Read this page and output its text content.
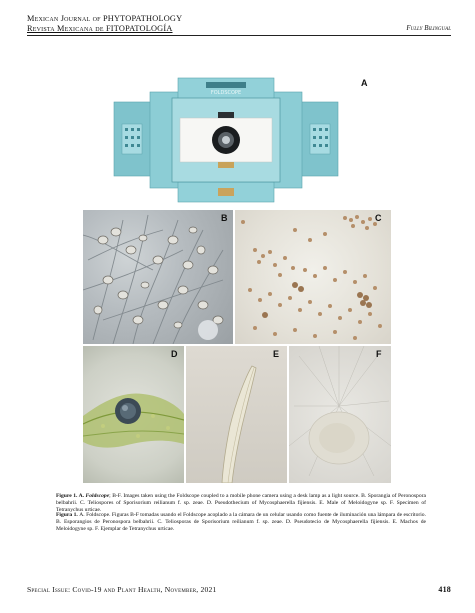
Mexican Journal of PHYTOPATHOLOGY
Revista Mexicana de FITOPATOLOGÍA	Fully Bilingual
FOLDSCOPE
A
B	C
D	E	F
Figure 1. A. Foldscope; B-F. Images taken using the Foldscope coupled to a mobile phone camera using a desk lamp as a light source. B. Sporangia of Peronospora belbahrii. C. Teliospores of Sporisorium reilianum f. sp. zeae. D. Pseudothecium of Mycosphaerella fijiensis. E. Male of Meloidogyne sp. F. Specimen of Tetranychus urticae.
Figura 1. A. Foldscope. Figuras B-F tomadas usando el Foldscope acoplado a la cámara de un celular usando como fuente de iluminación una lámpara de escritorio. B. Esporangios de Peronospora belbahrii. C. Teliosporas de Sporisorium reilianum f. sp. zeae. D. Pseudotecio de Mycosphaerella fijiensis. E. Machos de Meloidogyne sp. F. Ejemplar de Tetranychus urticae.
Special Issue: Covid-19 and Plant Health, November, 2021	418
